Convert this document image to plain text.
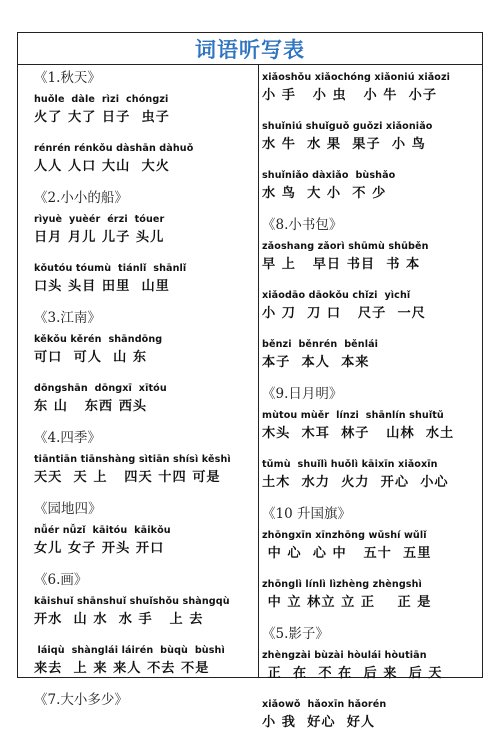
词语听写表
《1.秋天》
huǒle  dàle  rìzi  chóngzi
火了 大了 日子  虫子
rénrén rénkǒu dàshān dàhuǒ
人人 人口 大山  大火
《2.小小的船》
rìyuè  yuèér  érzi  tóuer
日月 月儿 儿子 头儿
kǒutóu tóumù  tiánlǐ  shānlǐ
口头 头目 田里  山里
《3.江南》
kěkǒu kěrén  shāndōng
可口  可人  山 东
dōngshān  dōngxī  xītóu
东 山   东西 西头
《4.四季》
tiāntiān tiānshàng sìtiān shísì kěshì
天天  天 上   四天 十四 可是
《园地四》
nǚér nǚzǐ  kāitóu  kāikǒu
女儿 女子 开头 开口
《6.画》
kāishuǐ shānshuǐ shuǐshǒu shàngqù
开水  山 水  水 手   上 去
láiqù  shànglái láirén  bùqù  bùshì
来去  上 来 来人 不去 不是
《7.大小多少》
xiǎoshǒu xiǎochóng xiǎoniú xiǎozi
小 手   小 虫   小 牛  小子
shuǐniú shuǐguǒ guǒzi xiǎoniǎo
水 牛  水 果  果子  小 鸟
shuǐniǎo dàxiǎo  bùshǎo
水 鸟  大 小  不 少
《8.小书包》
zǎoshang zǎorì shūmù shūběn
早 上   早日 书目  书 本
xiǎodāo dāokǒu chǐzi  yìchǐ
小 刀  刀 口   尺子  一尺
běnzi  běnrén  běnlái
本子  本人  本来
《9.日月明》
mùtou mùěr  línzi  shānlín shuǐtǔ
木头  木耳  林子   山林  水土
tǔmù  shuǐlì huǒlì kāixīn xiǎoxīn
土木  水力  火力  开心  小心
《10 升国旗》
zhōngxīn xīnzhōng wǔshí wǔlǐ
中 心  心 中   五十  五里
zhōnglì línlì lìzhèng zhèngshì
中 立 林立 立 正    正 是
《5.影子》
zhèngzài bùzài hòulái hòutiān
正  在  不 在  后 来  后 天
xiǎowǒ  hǎoxīn hǎorén
小 我  好心  好人
